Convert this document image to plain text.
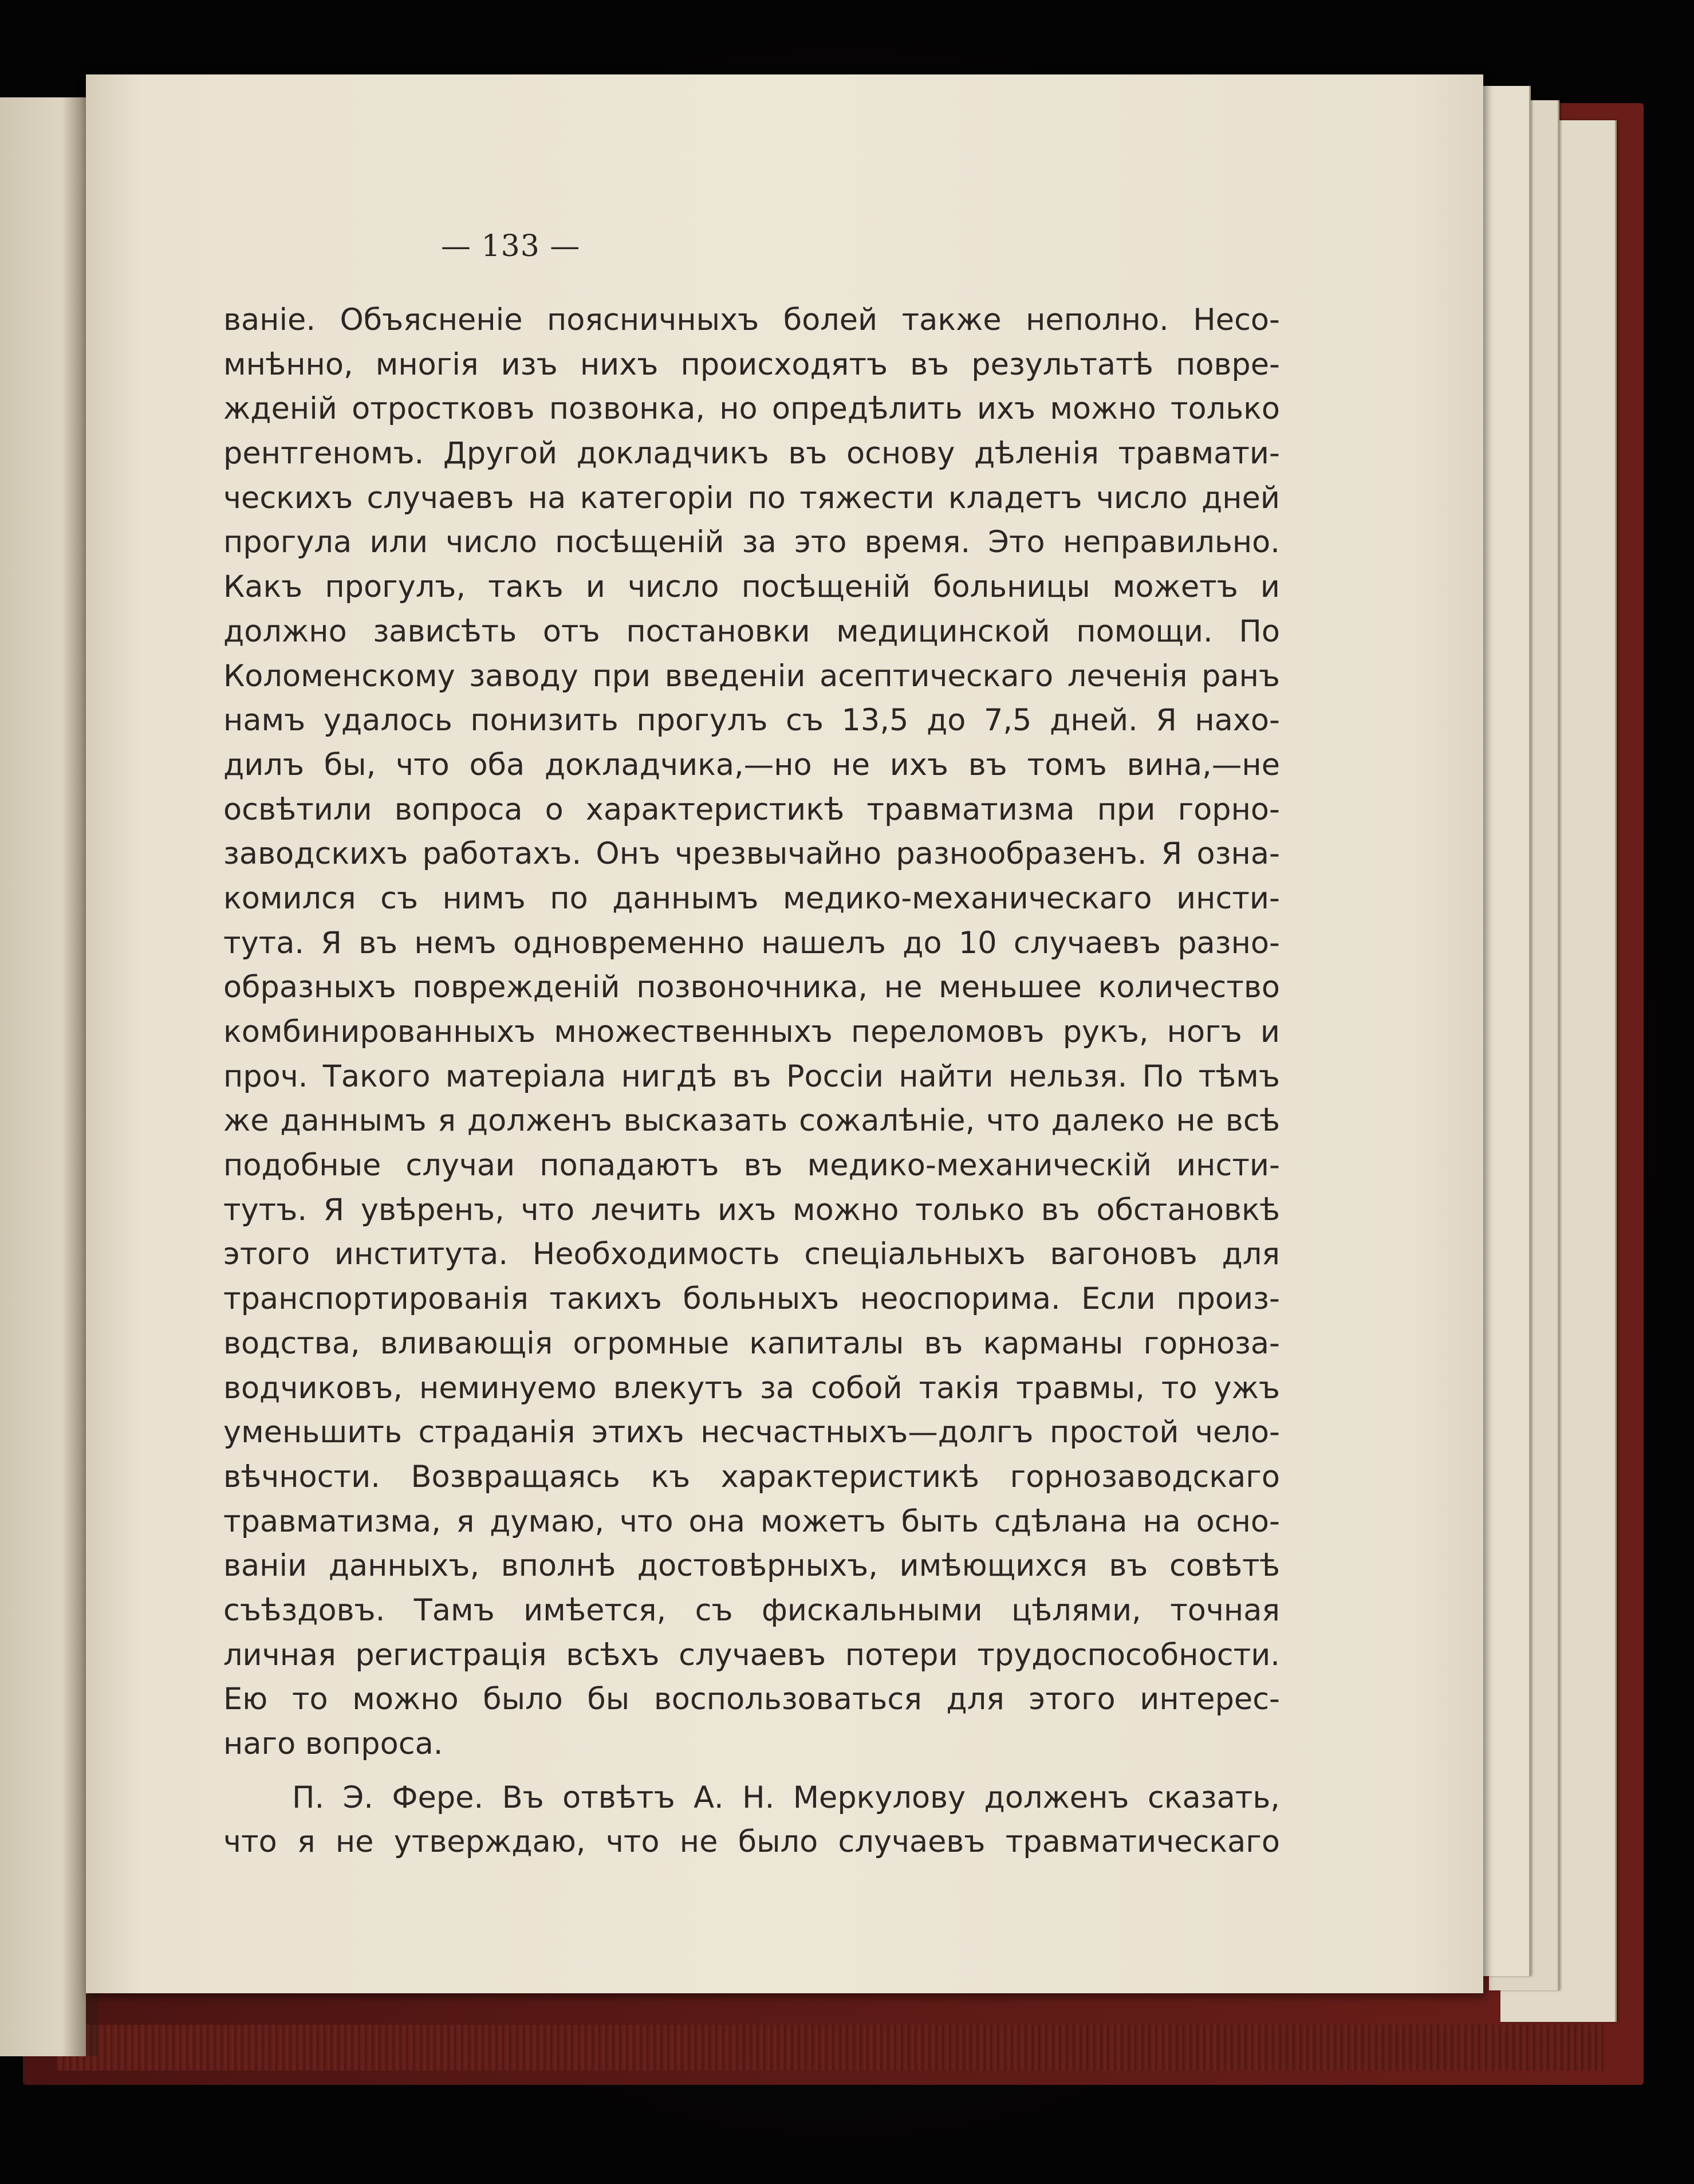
— 133 —
ваніе. Объясненіе поясничныхъ болей также неполно. Несо-
мнѣнно, многія изъ нихъ происходятъ въ результатѣ повре-
жденій отростковъ позвонка, но опредѣлить ихъ можно только
рентгеномъ. Другой докладчикъ въ основу дѣленія травмати-
ческихъ случаевъ на категоріи по тяжести кладетъ число дней
прогула или число посѣщеній за это время. Это неправильно.
Какъ прогулъ, такъ и число посѣщеній больницы можетъ и
должно зависѣть отъ постановки медицинской помощи. По
Коломенскому заводу при введеніи асептическаго леченія ранъ
намъ удалось понизить прогулъ съ 13,5 до 7,5 дней. Я нахо-
дилъ бы, что оба докладчика,—но не ихъ въ томъ вина,—не
освѣтили вопроса о характеристикѣ травматизма при горно-
заводскихъ работахъ. Онъ чрезвычайно разнообразенъ. Я озна-
комился съ нимъ по даннымъ медико-механическаго инсти-
тута. Я въ немъ одновременно нашелъ до 10 случаевъ разно-
образныхъ поврежденій позвоночника, не меньшее количество
комбинированныхъ множественныхъ переломовъ рукъ, ногъ и
проч. Такого матеріала нигдѣ въ Россіи найти нельзя. По тѣмъ
же даннымъ я долженъ высказать сожалѣніе, что далеко не всѣ
подобные случаи попадаютъ въ медико-механическій инсти-
тутъ. Я увѣренъ, что лечить ихъ можно только въ обстановкѣ
этого института. Необходимость спеціальныхъ вагоновъ для
транспортированія такихъ больныхъ неоспорима. Если произ-
водства, вливающія огромные капиталы въ карманы горноза-
водчиковъ, неминуемо влекутъ за собой такія травмы, то ужъ
уменьшить страданія этихъ несчастныхъ—долгъ простой чело-
вѣчности. Возвращаясь къ характеристикѣ горнозаводскаго
травматизма, я думаю, что она можетъ быть сдѣлана на осно-
ваніи данныхъ, вполнѣ достовѣрныхъ, имѣющихся въ совѣтѣ
съѣздовъ. Тамъ имѣется, съ фискальными цѣлями, точная
личная регистрація всѣхъ случаевъ потери трудоспособности.
Ею то можно было бы воспользоваться для этого интерес-
наго вопроса.
П. Э. Фере. Въ отвѣтъ А. Н. Меркулову долженъ сказать,
что я не утверждаю, что не было случаевъ травматическаго
